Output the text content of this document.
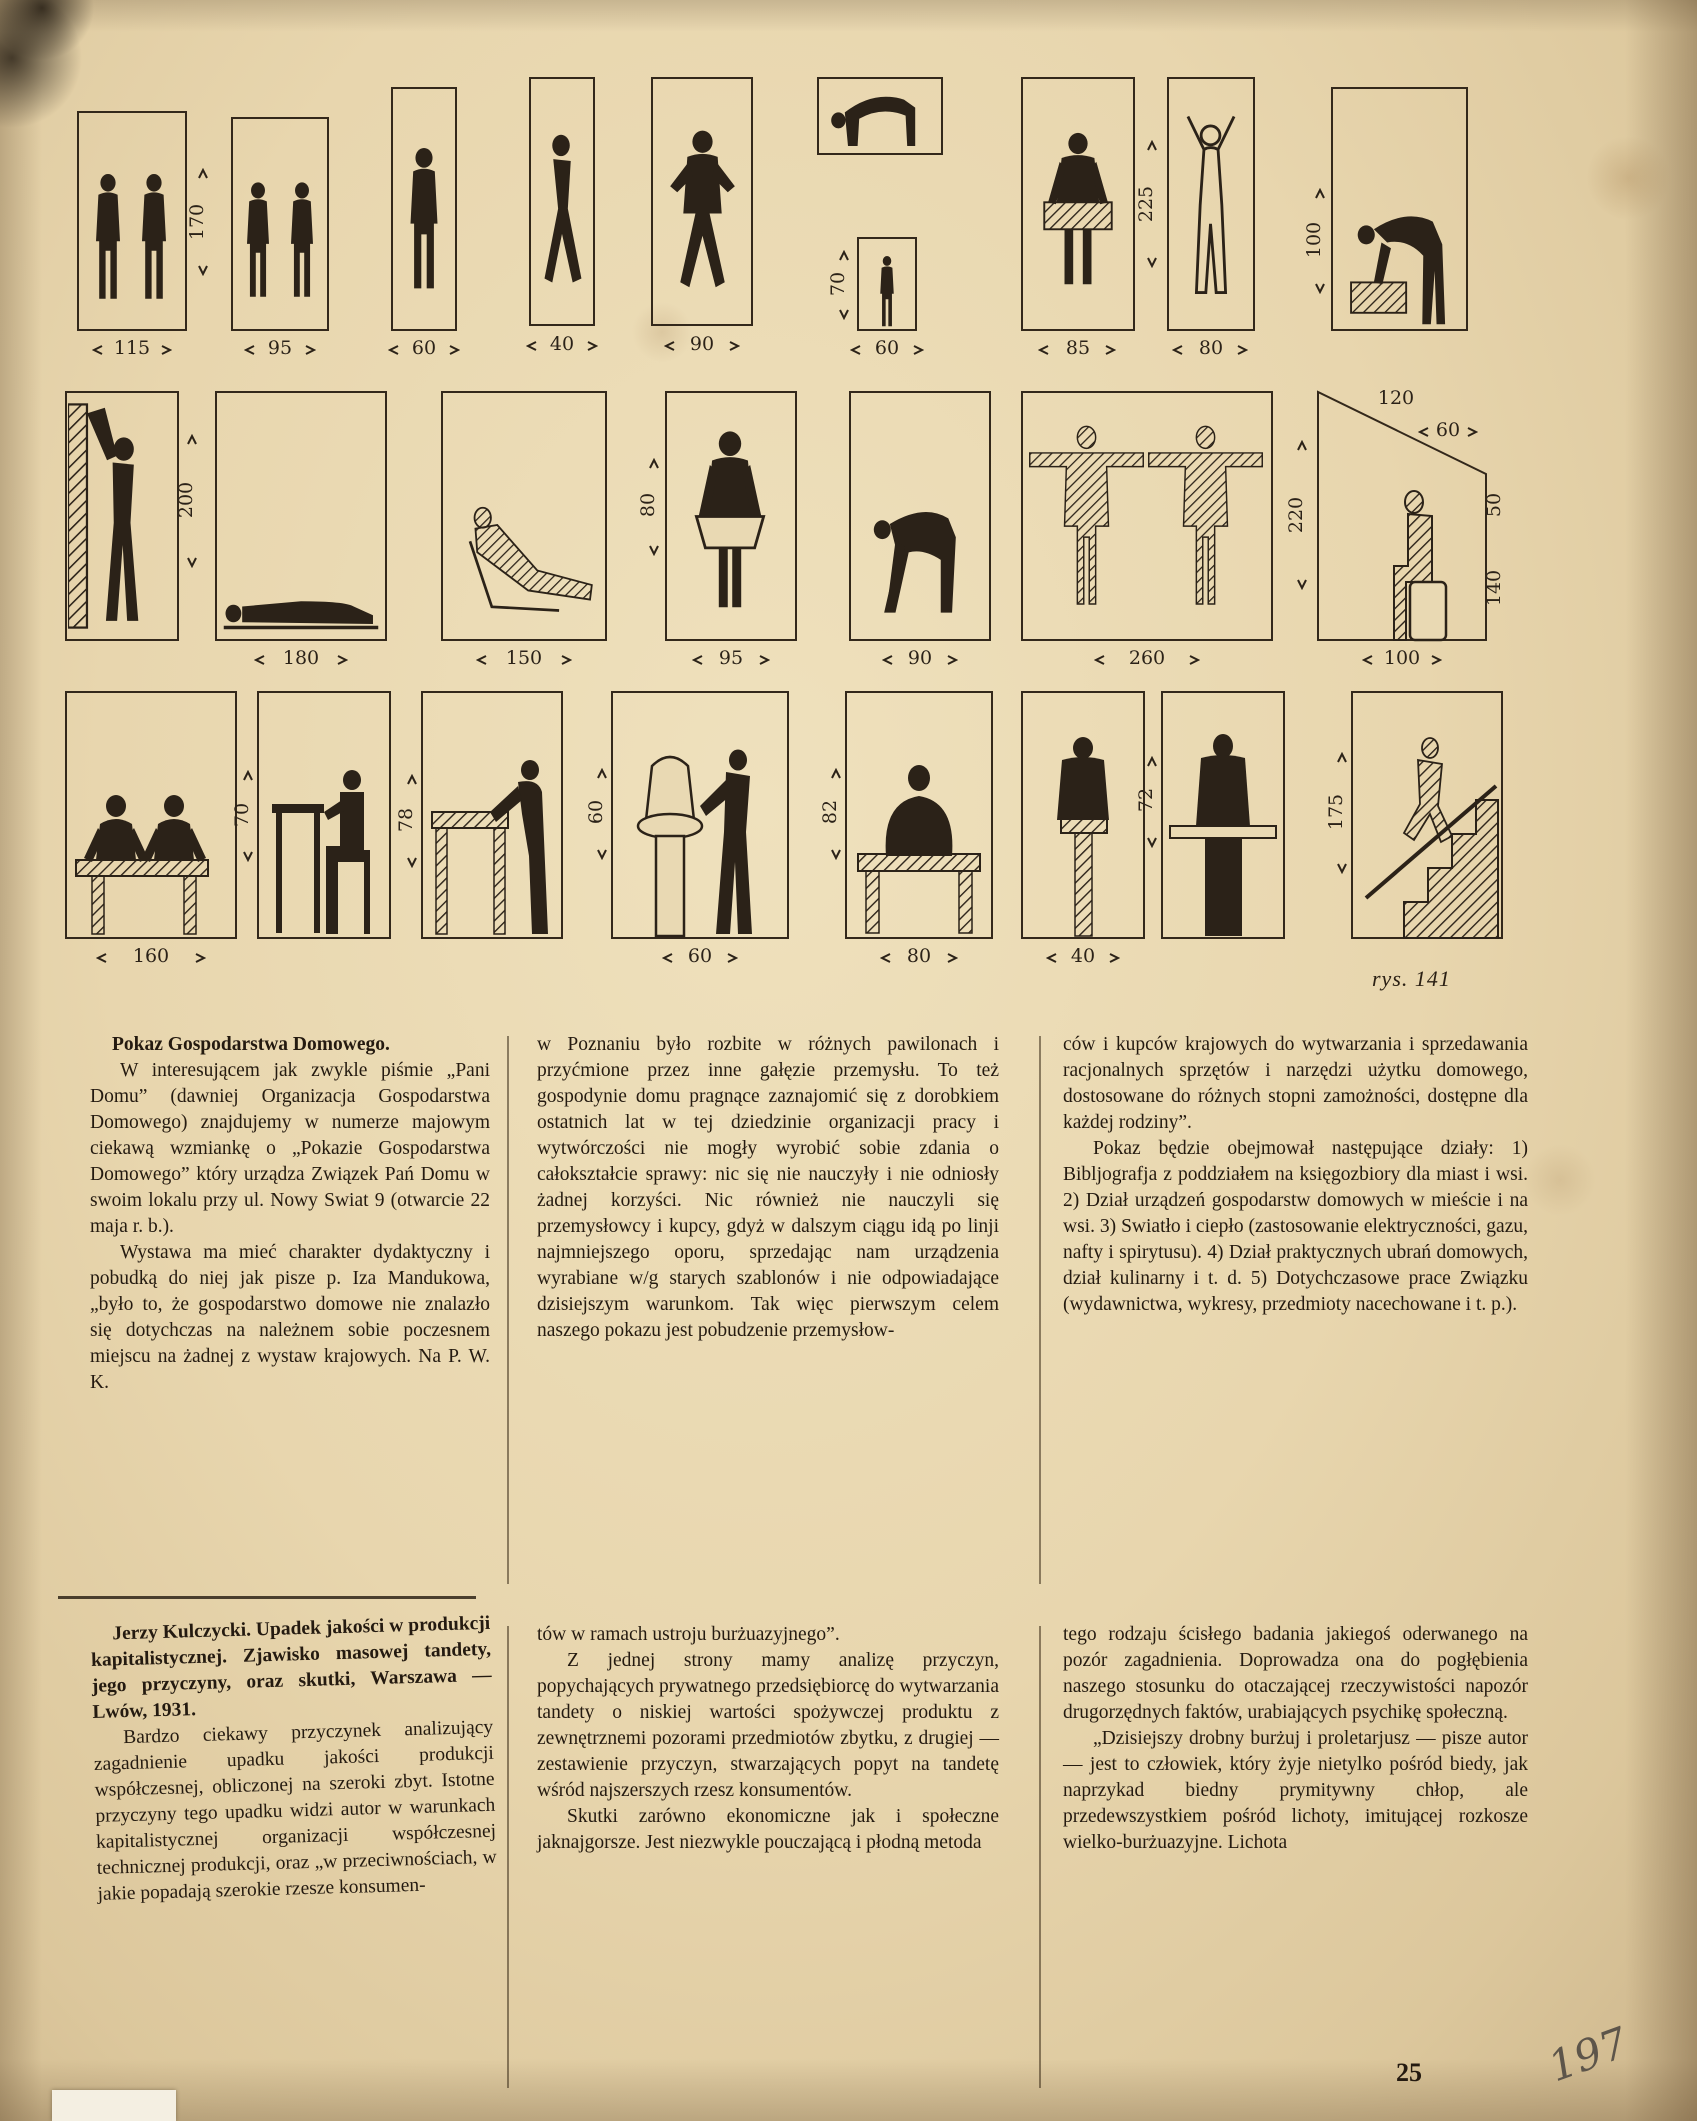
115
170
95	60	40	90
70
60	85
225
80
100
200
180	150
80
95	90	260
220
120
60
50
140
100
160
70	78	60
60
82
80	40
72	175
rys. 141
Pokaz Gospodarstwa Domowego.

W interesującem jak zwykle piśmie „Pani Domu” (dawniej Organizacja Gospodarstwa Domowego) znajdujemy w numerze majowym ciekawą wzmiankę o „Pokazie Gospodarstwa Domowego” który urządza Związek Pań Domu w swoim lokalu przy ul. Nowy Swiat 9 (otwarcie 22 maja r. b.).

Wystawa ma mieć charakter dydaktyczny i pobudką do niej jak pisze p. Iza Mandukowa, „było to, że gospodarstwo domowe nie znalazło się dotychczas na należnem sobie poczesnem miejscu na żadnej z wystaw krajowych. Na P. W. K.

w Poznaniu było rozbite w różnych pawilonach i przyćmione przez inne gałęzie przemysłu. To też gospodynie domu pragnące zaznajomić się z dorobkiem ostatnich lat w tej dziedzinie organizacji pracy i wytwórczości nie mogły wyrobić sobie zdania o całokształcie sprawy: nic się nie nauczyły i nie odniosły żadnej korzyści. Nic również nie nauczyli się przemysłowcy i kupcy, gdyż w dalszym ciągu idą po linji najmniejszego oporu, sprzedając nam urządzenia wyrabiane w/g starych szablonów i nie odpowiadające dzisiejszym warunkom. Tak więc pierwszym celem naszego pokazu jest pobudzenie przemysłow-

ców i kupców krajowych do wytwarzania i sprzedawania racjonalnych sprzętów i narzędzi użytku domowego, dostosowane do różnych stopni zamożności, dostępne dla każdej rodziny”.

Pokaz będzie obejmował następujące działy: 1) Bibljografja z poddziałem na księgozbiory dla miast i wsi. 2) Dział urządzeń gospodarstw domowych w mieście i na wsi. 3) Swiatło i ciepło (zastosowanie elektryczności, gazu, nafty i spirytusu). 4) Dział praktycznych ubrań domowych, dział kulinarny i t. d. 5) Dotychczasowe prace Związku (wydawnictwa, wykresy, przedmioty nacechowane i t. p.).

Jerzy Kulczycki. Upadek jakości w produkcji kapitalistycznej. Zjawisko masowej tandety, jego przyczyny, oraz skutki, Warszawa — Lwów, 1931.

Bardzo ciekawy przyczynek analizujący zagadnienie upadku jakości produkcji współczesnej, obliczonej na szeroki zbyt. Istotne przyczyny tego upadku widzi autor w warunkach kapitalistycznej organizacji współczesnej technicznej produkcji, oraz „w przeciwnościach, w jakie popadają szerokie rzesze konsumen-

tów w ramach ustroju burżuazyjnego”.

Z jednej strony mamy analizę przyczyn, popychających prywatnego przedsiębiorcę do wytwarzania tandety o niskiej wartości spożywczej produktu z zewnętrznemi pozorami przedmiotów zbytku, z drugiej — zestawienie przyczyn, stwarzających popyt na tandetę wśród najszerszych rzesz konsumentów.

Skutki zarówno ekonomiczne jak i społeczne jaknajgorsze. Jest niezwykle pouczającą i płodną metoda

tego rodzaju ścisłego badania jakiegoś oderwanego na pozór zagadnienia. Doprowadza ona do pogłębienia naszego stosunku do otaczającej rzeczywistości napozór drugorzędnych faktów, urabiających psychikę społeczną.

„Dzisiejszy drobny burżuj i proletarjusz — pisze autor — jest to człowiek, który żyje nietylko pośród biedy, jak naprzykad biedny prymitywny chłop, ale przedewszystkiem pośród lichoty, imitującej rozkosze wielko-burżuazyjne. Lichota

25	197
